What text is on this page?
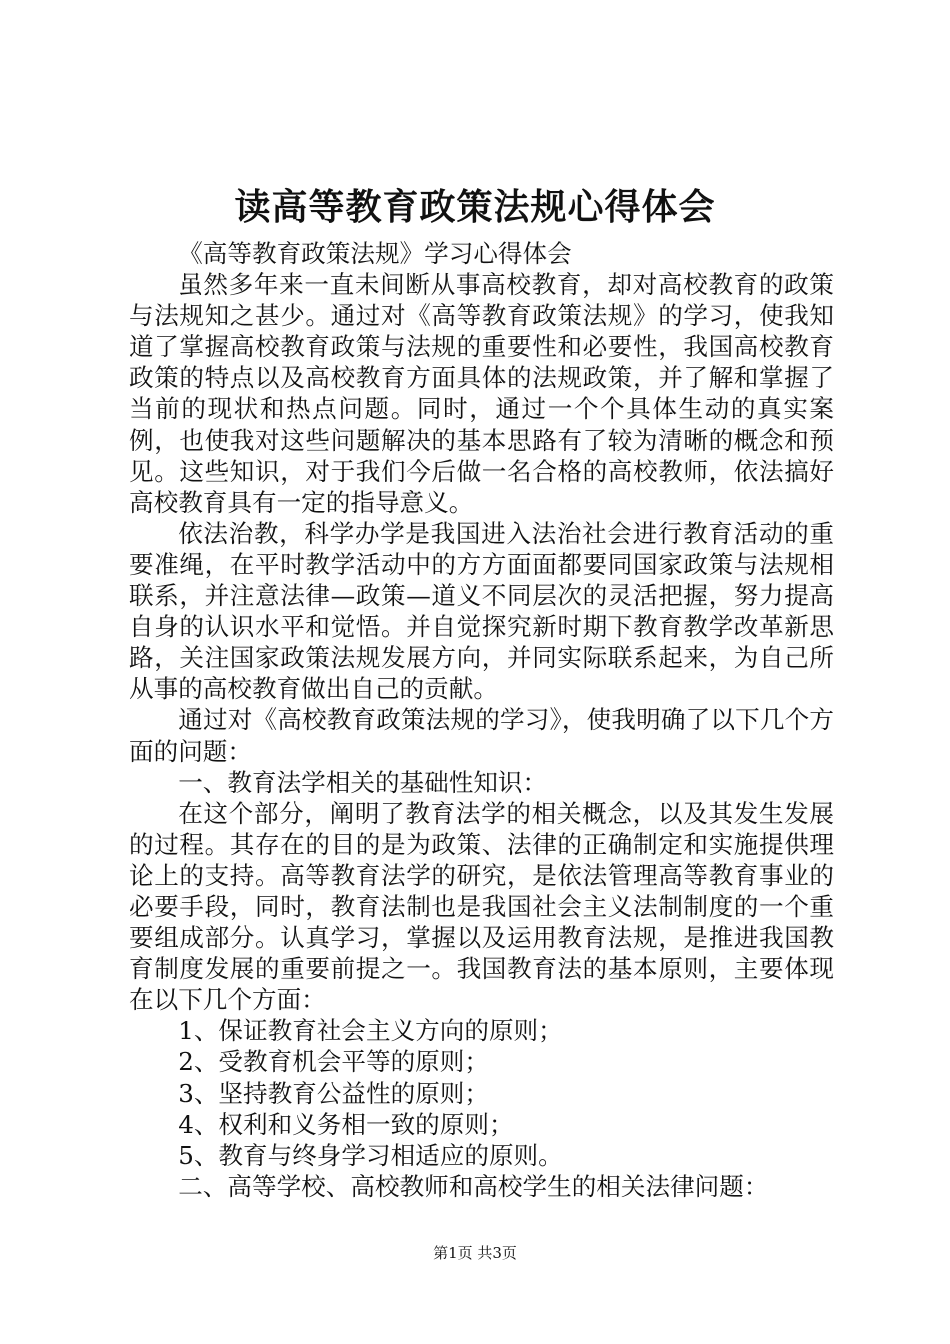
读高等教育政策法规心得体会

《高等教育政策法规》学习心得体会

虽然多年来一直未间断从事高校教育，却对高校教育的政策与法规知之甚少。通过对《高等教育政策法规》的学习，使我知道了掌握高校教育政策与法规的重要性和必要性，我国高校教育政策的特点以及高校教育方面具体的法规政策，并了解和掌握了当前的现状和热点问题。同时，通过一个个具体生动的真实案例，也使我对这些问题解决的基本思路有了较为清晰的概念和预见。这些知识，对于我们今后做一名合格的高校教师，依法搞好高校教育具有一定的指导意义。

依法治教，科学办学是我国进入法治社会进行教育活动的重要准绳，在平时教学活动中的方方面面都要同国家政策与法规相联系，并注意法律—政策—道义不同层次的灵活把握，努力提高自身的认识水平和觉悟。并自觉探究新时期下教育教学改革新思路，关注国家政策法规发展方向，并同实际联系起来，为自己所从事的高校教育做出自己的贡献。

通过对《高校教育政策法规的学习》，使我明确了以下几个方面的问题：

一、教育法学相关的基础性知识：

在这个部分，阐明了教育法学的相关概念，以及其发生发展的过程。其存在的目的是为政策、法律的正确制定和实施提供理论上的支持。高等教育法学的研究，是依法管理高等教育事业的必要手段，同时，教育法制也是我国社会主义法制制度的一个重要组成部分。认真学习，掌握以及运用教育法规，是推进我国教育制度发展的重要前提之一。我国教育法的基本原则，主要体现在以下几个方面：

1、保证教育社会主义方向的原则；

2、受教育机会平等的原则；

3、坚持教育公益性的原则；

4、权利和义务相一致的原则；

5、教育与终身学习相适应的原则。

二、高等学校、高校教师和高校学生的相关法律问题：

第1页 共3页
